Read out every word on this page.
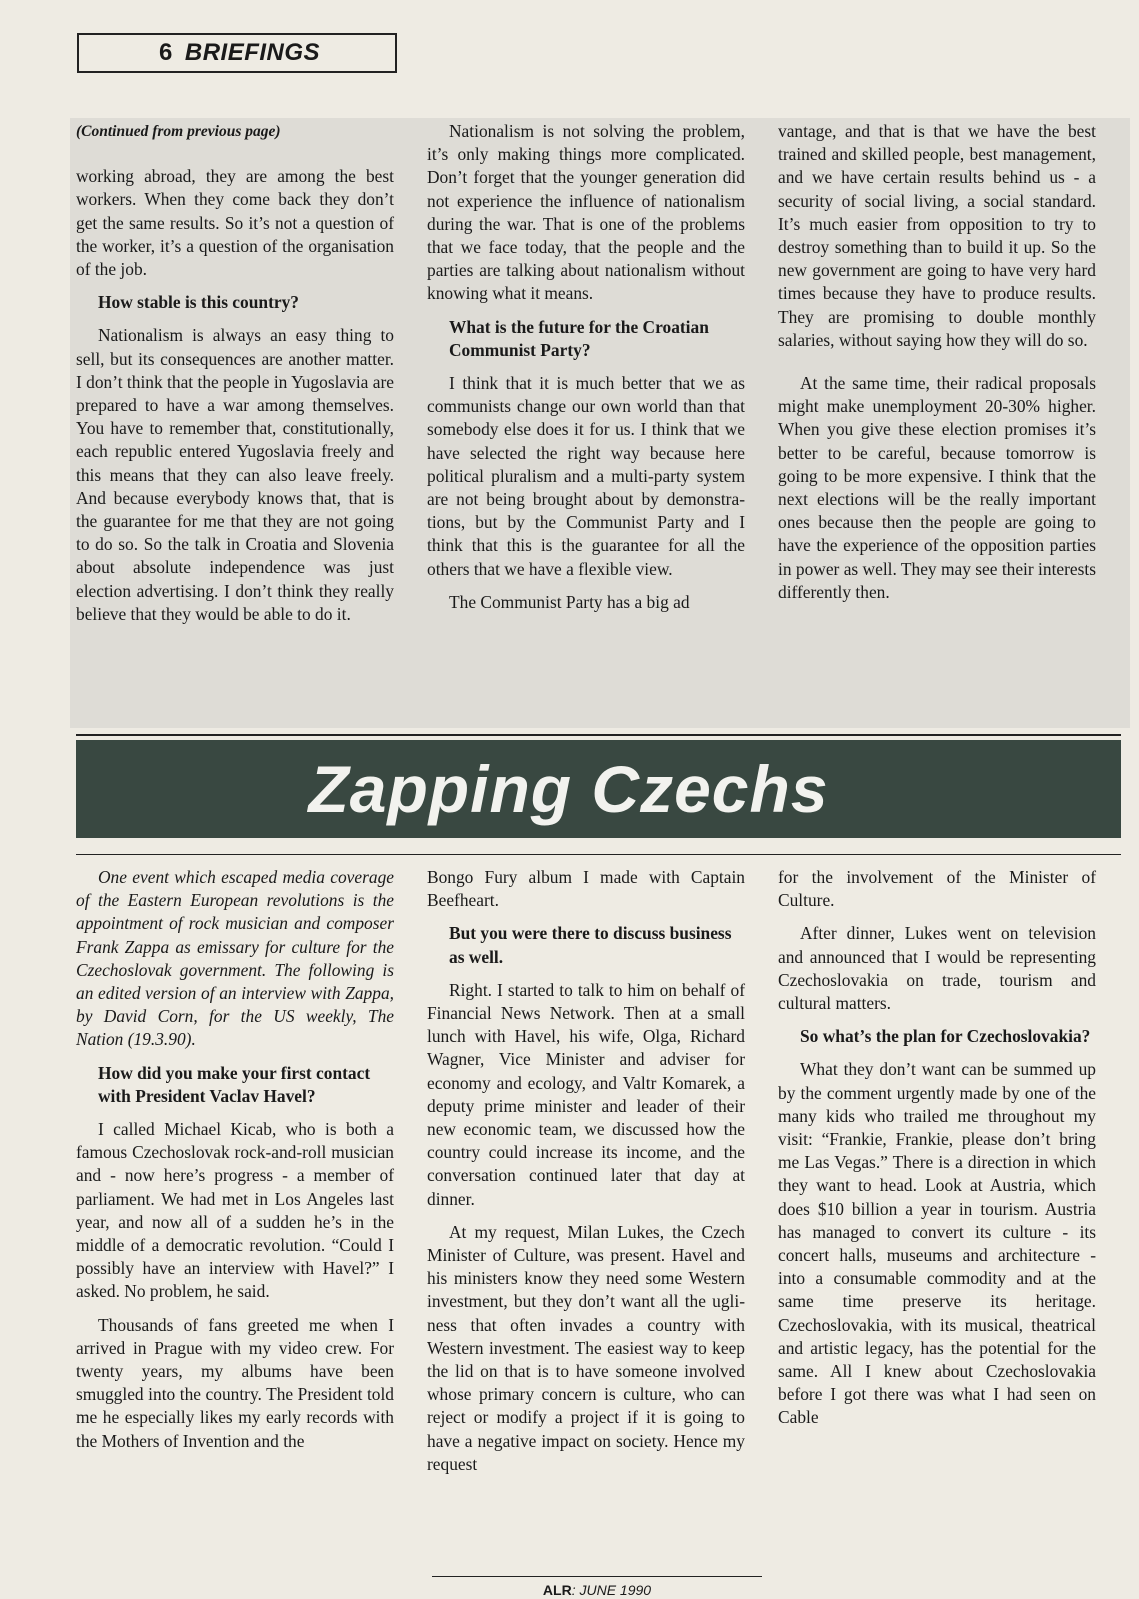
6 BRIEFINGS

(Continued from previous page)

working abroad, they are among the best workers. When they come back they don’t get the same results. So it’s not a question of the worker, it’s a question of the organisation of the job.

How stable is this country?

Nationalism is always an easy thing to sell, but its consequences are another matter. I don’t think that the people in Yugoslavia are prepared to have a war among themselves. You have to remember that, constitutionally, each republic entered Yugoslavia freely and this means that they can also leave freely. And because everybody knows that, that is the guarantee for me that they are not going to do so. So the talk in Croatia and Slovenia about absolute independence was just election advertising. I don’t think they really believe that they would be able to do it.

Nationalism is not solving the problem, it’s only making things more complicated. Don’t forget that the younger generation did not experience the influence of nationalism during the war. That is one of the problems that we face today, that the people and the parties are talking about nationalism without knowing what it means.

What is the future for the Croatian Communist Party?

I think that it is much better that we as communists change our own world than that somebody else does it for us. I think that we have selected the right way because here political pluralism and a multi-party system are not being brought about by demonstrations, but by the Communist Party and I think that this is the guarantee for all the others that we have a flexible view.

The Communist Party has a big ad

vantage, and that is that we have the best trained and skilled people, best management, and we have certain results behind us - a security of social living, a social standard. It’s much easier from opposition to try to destroy something than to build it up. So the new government are going to have very hard times because they have to produce results. They are promising to double monthly salaries, without saying how they will do so.

At the same time, their radical proposals might make unemployment 20-30% higher. When you give these election promises it’s better to be careful, because tomorrow is going to be more expensive. I think that the next elections will be the really important ones because then the people are going to have the experience of the opposition parties in power as well. They may see their interests differently then.

Zapping Czechs

One event which escaped media coverage of the Eastern European revolutions is the appointment of rock musician and composer Frank Zappa as emissary for culture for the Czechoslovak government. The following is an edited version of an interview with Zappa, by David Corn, for the US weekly, The Nation (19.3.90).

How did you make your first contact with President Vaclav Havel?

I called Michael Kicab, who is both a famous Czechoslovak rock-and-roll musician and - now here’s progress - a member of parliament. We had met in Los Angeles last year, and now all of a sudden he’s in the middle of a democratic revolution. “Could I possibly have an interview with Havel?” I asked. No problem, he said.

Thousands of fans greeted me when I arrived in Prague with my video crew. For twenty years, my albums have been smuggled into the country. The President told me he especially likes my early records with the Mothers of Invention and the

Bongo Fury album I made with Captain Beefheart.

But you were there to discuss business as well.

Right. I started to talk to him on behalf of Financial News Network. Then at a small lunch with Havel, his wife, Olga, Richard Wagner, Vice Minister and adviser for economy and ecology, and Valtr Komarek, a deputy prime minister and leader of their new economic team, we discussed how the country could increase its income, and the conversation continued later that day at dinner.

At my request, Milan Lukes, the Czech Minister of Culture, was present. Havel and his ministers know they need some Western investment, but they don’t want all the ugliness that often invades a country with Western investment. The easiest way to keep the lid on that is to have someone involved whose primary concern is culture, who can reject or modify a project if it is going to have a negative impact on society. Hence my request

for the involvement of the Minister of Culture.

After dinner, Lukes went on television and announced that I would be representing Czechoslovakia on trade, tourism and cultural matters.

So what’s the plan for Czechoslovakia?

What they don’t want can be summed up by the comment urgently made by one of the many kids who trailed me throughout my visit: “Frankie, Frankie, please don’t bring me Las Vegas.” There is a direction in which they want to head. Look at Austria, which does $10 billion a year in tourism. Austria has managed to convert its culture - its concert halls, museums and architecture - into a consumable commodity and at the same time preserve its heritage. Czechoslovakia, with its musical, theatrical and artistic legacy, has the potential for the same. All I knew about Czechoslovakia before I got there was what I had seen on Cable

ALR: JUNE 1990
